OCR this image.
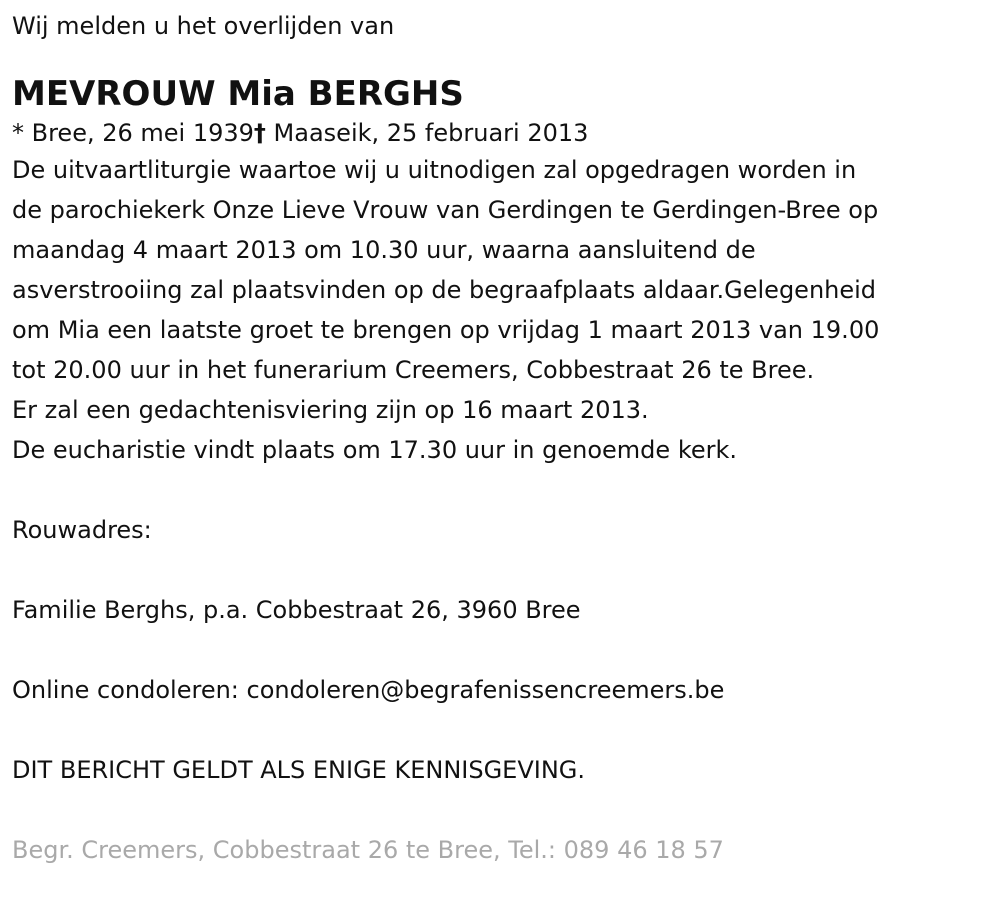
Wij melden u het overlijden van
MEVROUW Mia BERGHS
* Bree, 26 mei 1939† Maaseik, 25 februari 2013
De uitvaartliturgie waartoe wij u uitnodigen zal opgedragen worden in
de parochiekerk Onze Lieve Vrouw van Gerdingen te Gerdingen-Bree op
maandag 4 maart 2013 om 10.30 uur, waarna aansluitend de
asverstrooiing zal plaatsvinden op de begraafplaats aldaar.Gelegenheid
om Mia een laatste groet te brengen op vrijdag 1 maart 2013 van 19.00
tot 20.00 uur in het funerarium Creemers, Cobbestraat 26 te Bree.
Er zal een gedachtenisviering zijn op 16 maart 2013.
De eucharistie vindt plaats om 17.30 uur in genoemde kerk.
Rouwadres:
Familie Berghs, p.a. Cobbestraat 26, 3960 Bree
Online condoleren: condoleren@begrafenissencreemers.be
DIT BERICHT GELDT ALS ENIGE KENNISGEVING.
Begr. Creemers, Cobbestraat 26 te Bree, Tel.: 089 46 18 57
